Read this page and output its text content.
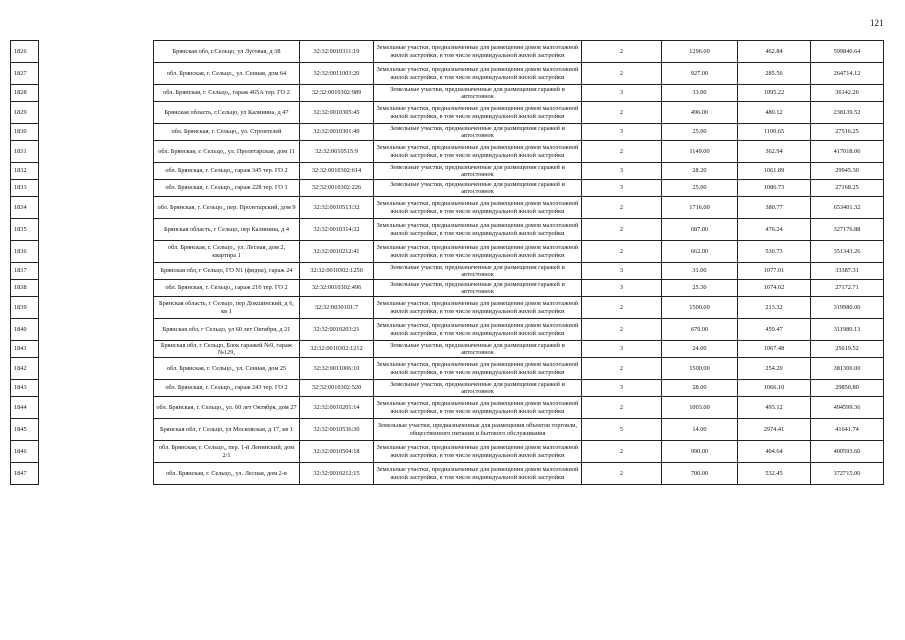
121
1826		Брянская обл, г.Сельцо, ул Луговая, д 38	32:32:0010311:19	Земельные участки, предназначенные для размещения домов малоэтажной жилой застройки, в том числе индивидуальной жилой застройки	2	1296.00	462.84	599840.64
1827		обл. Брянская, г. Сельцо,, ул. Сенная, дом 64	32:32:0011003:20	Земельные участки, предназначенные для размещения домов малоэтажной жилой застройки, в том числе индивидуальной жилой застройки	2	927.00	285.56	264714.12
1828		обл. Брянская, г. Сельцо,, гараж 465А тер. ГО 2	32:32:0010302:989	Земельные участки, предназначенные для размещения гаражей и автостоянок	3	33.00	1095.22	36142.26
1829		Брянская область, г.Сельцо, ул Калинина, д 47	32:32:0010305:45	Земельные участки, предназначенные для размещения домов малоэтажной жилой застройки, в том числе индивидуальной жилой застройки	2	496.00	480.12	238139.52
1830		обл. Брянская, г. Сельцо,, ул. Строителей	32:32:0010301:49	Земельные участки, предназначенные для размещения гаражей и автостоянок	3	25.00	1100.65	27516.25
1831		обл. Брянская, г. Сельцо,, ул. Пролетарская, дом 11	32:32:0010515:9	Земельные участки, предназначенные для размещения домов малоэтажной жилой застройки, в том числе индивидуальной жилой застройки	2	1149.00	362.94	417018.06
1832		обл. Брянская, г. Сельцо,, гараж 345 тер. ГО 2	32:32:0010302:614	Земельные участки, предназначенные для размещения гаражей и автостоянок	3	28.20	1061.89	29945.30
1833		обл. Брянская, г. Сельцо,, гараж 228 тер. ГО 1	32:32:0010302:226	Земельные участки, предназначенные для размещения гаражей и автостоянок	3	25.00	1086.73	27168.25
1834		обл. Брянская, г. Сельцо,, пер. Пролетарский, дом 9	32:32:0010513:32	Земельные участки, предназначенные для размещения домов малоэтажной жилой застройки, в том числе индивидуальной жилой застройки	2	1716.00	380.77	653401.32
1835		Брянская область, г Сельцо, пер Калинина, д 4	32:32:0010314:32	Земельные участки, предназначенные для размещения домов малоэтажной жилой застройки, в том числе индивидуальной жилой застройки	2	687.00	476.24	327176.88
1836		обл. Брянская, г. Сельцо,, ул. Лесная, дом 2, квартира 1	32:32:0010212:41	Земельные участки, предназначенные для размещения домов малоэтажной жилой застройки, в том числе индивидуальной жилой застройки	2	662.00	530.73	351343.26
1837		Брянская обл, г Сельцо, ГО N1 (фидна), гараж 24	32:32:0010302:1250	Земельные участки, предназначенные для размещения гаражей и автостоянок	3	31.00	1077.01	33387.31
1838		обл. Брянская, г. Сельцо,, гараж 216 тер. ГО 2	32:32:0010302:496	Земельные участки, предназначенные для размещения гаражей и автостоянок	3	25.30	1074.02	27172.71
1839		Брянская область, г Сельцо, пер Докшинский, д 6, кв 1	32:32:0030101:7	Земельные участки, предназначенные для размещения домов малоэтажной жилой застройки, в том числе индивидуальной жилой застройки	2	1500.00	213.32	319980.00
1840		Брянская обл, г Сельцо, ул 60 лет Октября, д 21	32:32:0010203:21	Земельные участки, предназначенные для размещения домов малоэтажной жилой застройки, в том числе индивидуальной жилой застройки	2	679.00	459.47	311980.13
1841		Брянская обл, г Сельцо, Блок гаражей №9, гараж №129,	32:32:0010302:1212	Земельные участки, предназначенные для размещения гаражей и автостоянок	3	24.00	1067.48	25619.52
1842		обл. Брянская, г. Сельцо,, ул. Сенная, дом 25	32:32:0011006:10	Земельные участки, предназначенные для размещения домов малоэтажной жилой застройки, в том числе индивидуальной жилой застройки	2	1500.00	254.20	381300.00
1843		обл. Брянская, г. Сельцо,, гараж 243 тер. ГО 2	32:32:0010302:520	Земельные участки, предназначенные для размещения гаражей и автостоянок	3	28.00	1066.10	29850.80
1844		обл. Брянская, г. Сельцо,, ул. 60 лет Октября, дом 27	32:32:0010201:14	Земельные участки, предназначенные для размещения домов малоэтажной жилой застройки, в том числе индивидуальной жилой застройки	2	1003.00	493.12	494599.36
1845		Брянская обл, г Сельцо, ул Московская, д 17, кв 1	32:32:0010536:30	Земельные участки, предназначенные для размещения объектов торговли, общественного питания и бытового обслуживания	5	14.00	2974.41	41641.74
1846		обл. Брянская, г. Сельцо,, пер. 1-й Ленинский, дом 2/1	32:32:0010504:18	Земельные участки, предназначенные для размещения домов малоэтажной жилой застройки, в том числе индивидуальной жилой застройки	2	990.00	404.64	400593.60
1847		обл. Брянская, г. Сельцо,, ул. Лесная, дом 2-в	32:32:0010212:15	Земельные участки, предназначенные для размещения домов малоэтажной жилой застройки, в том числе индивидуальной жилой застройки	2	700.00	532.45	372715.00
